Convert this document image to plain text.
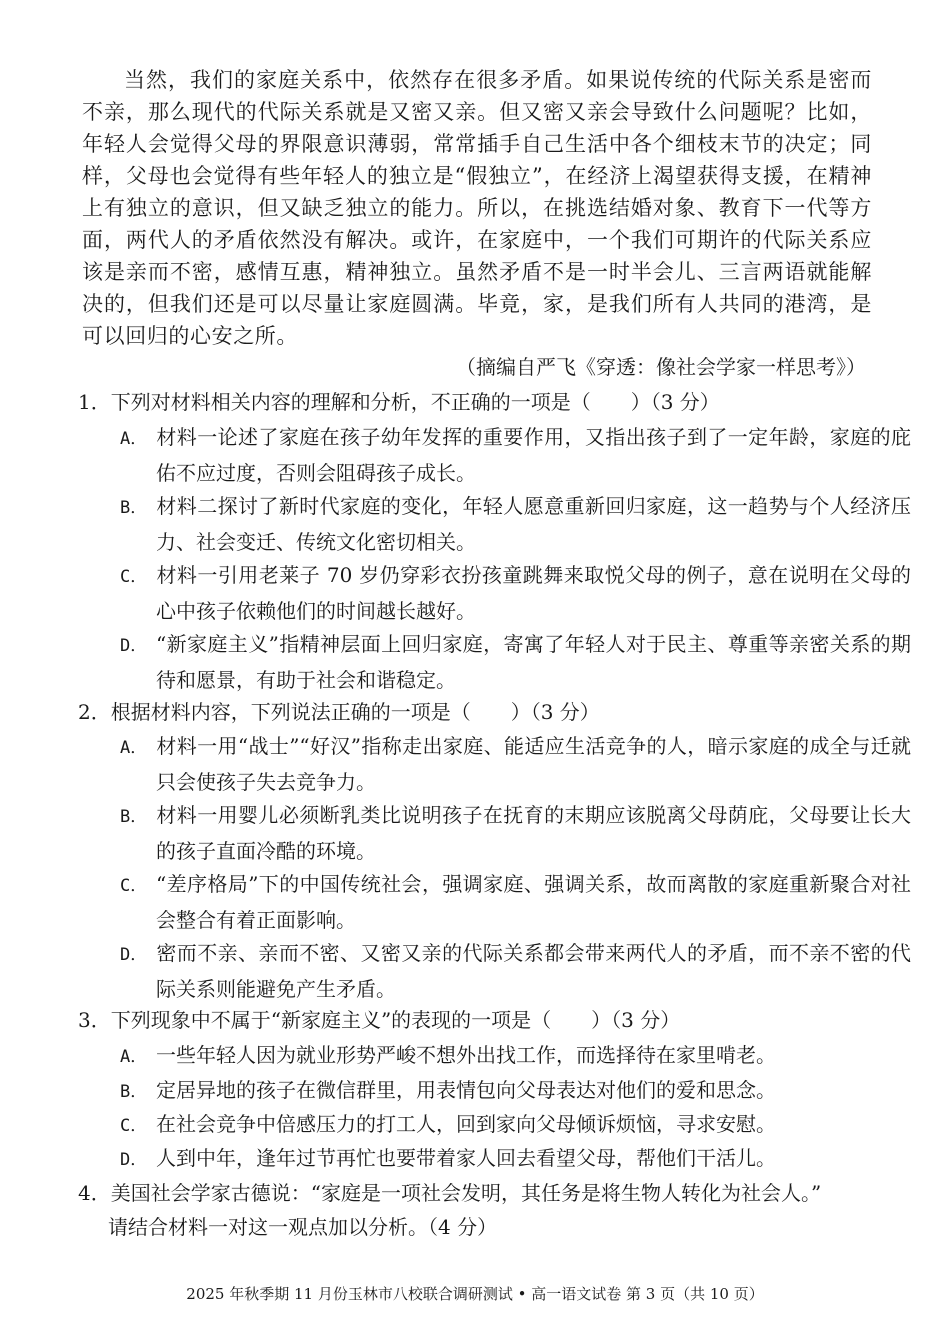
当然，我们的家庭关系中，依然存在很多矛盾。如果说传统的代际关系是密而不亲，那么现代的代际关系就是又密又亲。但又密又亲会导致什么问题呢？比如，年轻人会觉得父母的界限意识薄弱，常常插手自己生活中各个细枝末节的决定；同样，父母也会觉得有些年轻人的独立是“假独立”，在经济上渴望获得支援，在精神上有独立的意识，但又缺乏独立的能力。所以，在挑选结婚对象、教育下一代等方面，两代人的矛盾依然没有解决。或许，在家庭中，一个我们可期许的代际关系应该是亲而不密，感情互惠，精神独立。虽然矛盾不是一时半会儿、三言两语就能解决的，但我们还是可以尽量让家庭圆满。毕竟，家，是我们所有人共同的港湾，是可以回归的心安之所。

（摘编自严飞《穿透：像社会学家一样思考》）
1．下列对材料相关内容的理解和分析，不正确的一项是（　　）（3 分）
A． 材料一论述了家庭在孩子幼年发挥的重要作用，又指出孩子到了一定年龄，家庭的庇佑不应过度，否则会阻碍孩子成长。
B． 材料二探讨了新时代家庭的变化，年轻人愿意重新回归家庭，这一趋势与个人经济压力、社会变迁、传统文化密切相关。
C． 材料一引用老莱子 70 岁仍穿彩衣扮孩童跳舞来取悦父母的例子，意在说明在父母的心中孩子依赖他们的时间越长越好。
D． “新家庭主义”指精神层面上回归家庭，寄寓了年轻人对于民主、尊重等亲密关系的期待和愿景，有助于社会和谐稳定。
2．根据材料内容，下列说法正确的一项是（　　）（3 分）
A． 材料一用“战士”“好汉”指称走出家庭、能适应生活竞争的人，暗示家庭的成全与迁就只会使孩子失去竞争力。
B． 材料一用婴儿必须断乳类比说明孩子在抚育的末期应该脱离父母荫庇，父母要让长大的孩子直面冷酷的环境。
C． “差序格局”下的中国传统社会，强调家庭、强调关系，故而离散的家庭重新聚合对社会整合有着正面影响。
D． 密而不亲、亲而不密、又密又亲的代际关系都会带来两代人的矛盾，而不亲不密的代际关系则能避免产生矛盾。
3．下列现象中不属于“新家庭主义”的表现的一项是（　　）（3 分）
A． 一些年轻人因为就业形势严峻不想外出找工作，而选择待在家里啃老。
B． 定居异地的孩子在微信群里，用表情包向父母表达对他们的爱和思念。
C． 在社会竞争中倍感压力的打工人，回到家向父母倾诉烦恼，寻求安慰。
D． 人到中年，逢年过节再忙也要带着家人回去看望父母，帮他们干活儿。
4．美国社会学家古德说：“家庭是一项社会发明，其任务是将生物人转化为社会人。”
请结合材料一对这一观点加以分析。（4 分）
2025 年秋季期 11 月份玉林市八校联合调研测试 • 高一语文试卷 第 3 页（共 10 页）
